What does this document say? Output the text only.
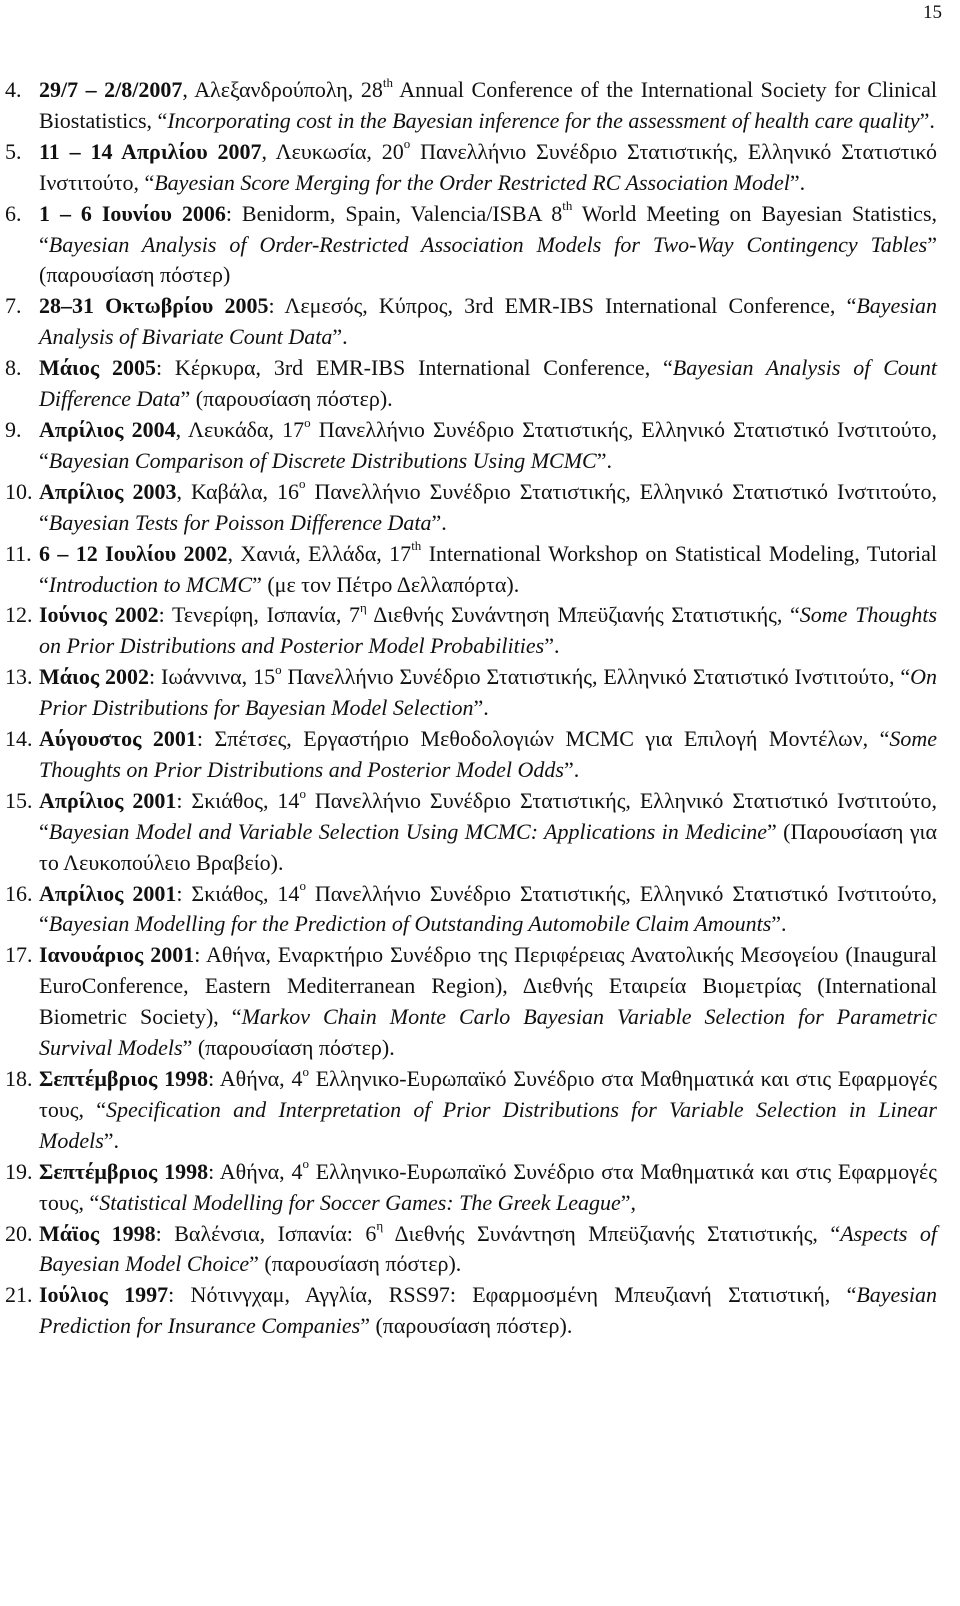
15

4. 29/7 – 2/8/2007, Αλεξανδρούπολη, 28th Annual Conference of the International Society for Clinical Biostatistics, “Incorporating cost in the Bayesian inference for the assessment of health care quality”.

5. 11 – 14 Απριλίου 2007, Λευκωσία, $20^o$ Πανελλήνιο Συνέδριο Στατιστικής, Ελληνικό Στατιστικό Ινστιτούτο, “Bayesian Score Merging for the Order Restricted RC Association Model”.

6. 1 – 6 Ιουνίου 2006: Benidorm, Spain, Valencia/ISBA 8th World Meeting on Bayesian Statistics, “Bayesian Analysis of Order-Restricted Association Models for Two-Way Contingency Tables” (παρουσίαση πόστερ)

7. 28–31 Οκτωβρίου 2005: Λεμεσός, Κύπρος, 3rd EMR-IBS International Conference, “Bayesian Analysis of Bivariate Count Data”.

8. Μάιος 2005: Κέρκυρα, 3rd EMR-IBS International Conference, “Bayesian Analysis of Count Difference Data” (παρουσίαση πόστερ).

9. Απρίλιος 2004, Λευκάδα, $17^o$ Πανελλήνιο Συνέδριο Στατιστικής, Ελληνικό Στατιστικό Ινστιτούτο, “Bayesian Comparison of Discrete Distributions Using MCMC”.

10. Απρίλιος 2003, Καβάλα, $16^o$ Πανελλήνιο Συνέδριο Στατιστικής, Ελληνικό Στατιστικό Ινστιτούτο, “Bayesian Tests for Poisson Difference Data”.

11. 6 – 12 Ιουλίου 2002, Χανιά, Ελλάδα, 17th International Workshop on Statistical Modeling, Tutorial “Introduction to MCMC” (με τον Πέτρο Δελλαπόρτα).

12. Ιούνιος 2002: Τενερίφη, Ισπανία, $7^\eta$ Διεθνής Συνάντηση Μπεϋζιανής Στατιστικής, “Some Thoughts on Prior Distributions and Posterior Model Probabilities”.

13. Μάιος 2002: Ιωάννινα, $15^o$ Πανελλήνιο Συνέδριο Στατιστικής, Ελληνικό Στατιστικό Ινστιτούτο, “On Prior Distributions for Bayesian Model Selection”.

14. Αύγουστος 2001: Σπέτσες, Εργαστήριο Μεθοδολογιών MCMC για Επιλογή Μοντέλων, “Some Thoughts on Prior Distributions and Posterior Model Odds”.

15. Απρίλιος 2001: Σκιάθος, $14^o$ Πανελλήνιο Συνέδριο Στατιστικής, Ελληνικό Στατιστικό Ινστιτούτο, “Bayesian Model and Variable Selection Using MCMC: Applications in Medicine” (Παρουσίαση για το Λευκοπούλειο Βραβείο).

16. Απρίλιος 2001: Σκιάθος, $14^o$ Πανελλήνιο Συνέδριο Στατιστικής, Ελληνικό Στατιστικό Ινστιτούτο, “Bayesian Modelling for the Prediction of Outstanding Automobile Claim Amounts”.

17. Ιανουάριος 2001: Αθήνα, Εναρκτήριο Συνέδριο της Περιφέρειας Ανατολικής Μεσογείου (Inaugural EuroConference, Eastern Mediterranean Region), Διεθνής Εταιρεία Βιομετρίας (International Biometric Society), “Markov Chain Monte Carlo Bayesian Variable Selection for Parametric Survival Models” (παρουσίαση πόστερ).

18. Σεπτέμβριος 1998: Αθήνα, $4^o$ Ελληνικο-Ευρωπαϊκό Συνέδριο στα Μαθηματικά και στις Εφαρμογές τους, “Specification and Interpretation of Prior Distributions for Variable Selection in Linear Models”.

19. Σεπτέμβριος 1998: Αθήνα, $4^o$ Ελληνικο-Ευρωπαϊκό Συνέδριο στα Μαθηματικά και στις Εφαρμογές τους, “Statistical Modelling for Soccer Games: The Greek League”,

20. Μάϊος 1998: Βαλένσια, Ισπανία: $6^\eta$ Διεθνής Συνάντηση Μπεϋζιανής Στατιστικής, “Aspects of Bayesian Model Choice” (παρουσίαση πόστερ).

21. Ιούλιος 1997: Νότινγχαμ, Αγγλία, RSS97: Εφαρμοσμένη Μπευζιανή Στατιστική, “Bayesian Prediction for Insurance Companies” (παρουσίαση πόστερ).
